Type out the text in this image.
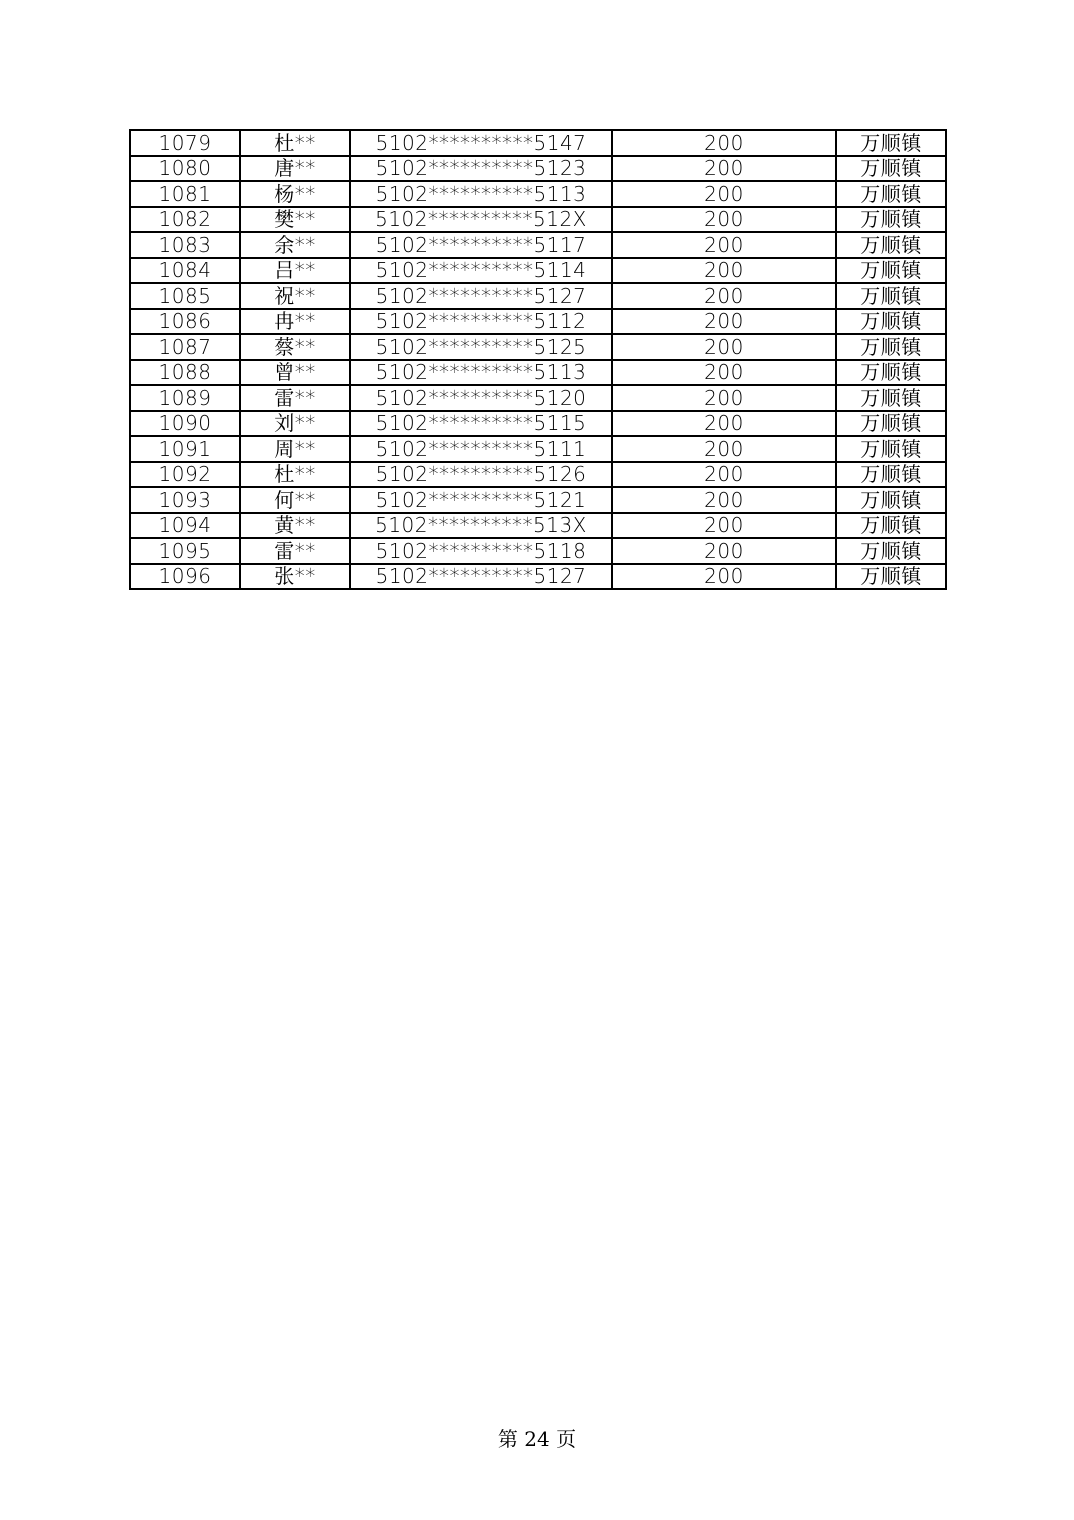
1079	杜**	5102**********5147	200	万顺镇
1080	唐**	5102**********5123	200	万顺镇
1081	杨**	5102**********5113	200	万顺镇
1082	樊**	5102**********512X	200	万顺镇
1083	余**	5102**********5117	200	万顺镇
1084	吕**	5102**********5114	200	万顺镇
1085	祝**	5102**********5127	200	万顺镇
1086	冉**	5102**********5112	200	万顺镇
1087	蔡**	5102**********5125	200	万顺镇
1088	曾**	5102**********5113	200	万顺镇
1089	雷**	5102**********5120	200	万顺镇
1090	刘**	5102**********5115	200	万顺镇
1091	周**	5102**********5111	200	万顺镇
1092	杜**	5102**********5126	200	万顺镇
1093	何**	5102**********5121	200	万顺镇
1094	黄**	5102**********513X	200	万顺镇
1095	雷**	5102**********5118	200	万顺镇
1096	张**	5102**********5127	200	万顺镇
第 24 页
